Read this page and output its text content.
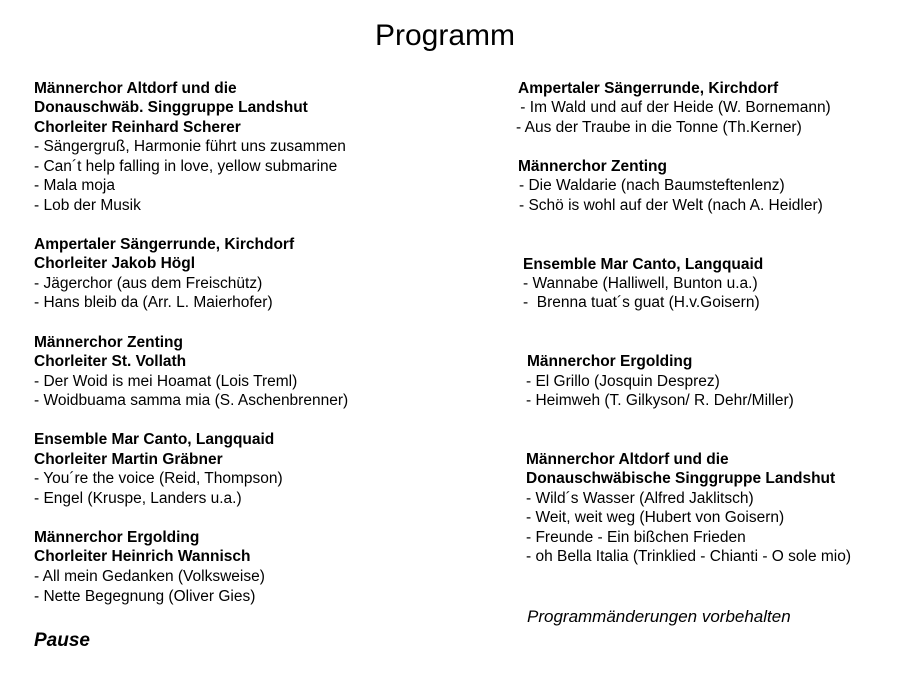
Programm
Männerchor Altdorf und die
Donauschwäb. Singgruppe Landshut
Chorleiter Reinhard Scherer
- Sängergruß, Harmonie führt uns zusammen
- Can´t help falling in love, yellow submarine
- Mala moja
- Lob der Musik
Ampertaler Sängerrunde, Kirchdorf
Chorleiter Jakob Högl
- Jägerchor (aus dem Freischütz)
- Hans bleib da (Arr. L. Maierhofer)
Männerchor Zenting
Chorleiter St. Vollath
- Der Woid is mei Hoamat (Lois Treml)
- Woidbuama samma mia (S. Aschenbrenner)
Ensemble Mar Canto, Langquaid
Chorleiter Martin Gräbner
- You´re the voice (Reid, Thompson)
- Engel (Kruspe, Landers u.a.)
Männerchor Ergolding
Chorleiter Heinrich Wannisch
- All mein Gedanken (Volksweise)
- Nette Begegnung (Oliver Gies)
Pause
Ampertaler Sängerrunde, Kirchdorf
- Im Wald und auf der Heide (W. Bornemann)
- Aus der Traube in die Tonne (Th.Kerner)
Männerchor Zenting
- Die Waldarie (nach Baumsteftenlenz)
- Schö is wohl auf der Welt (nach A. Heidler)
Ensemble Mar Canto, Langquaid
- Wannabe (Halliwell, Bunton u.a.)
-  Brenna tuat´s guat (H.v.Goisern)
Männerchor Ergolding
- El Grillo (Josquin Desprez)
- Heimweh (T. Gilkyson/ R. Dehr/Miller)
Männerchor Altdorf und die
Donauschwäbische Singgruppe Landshut
- Wild´s Wasser (Alfred Jaklitsch)
- Weit, weit weg (Hubert von Goisern)
- Freunde - Ein bißchen Frieden
- oh Bella Italia (Trinklied - Chianti - O sole mio)
Programmänderungen vorbehalten
